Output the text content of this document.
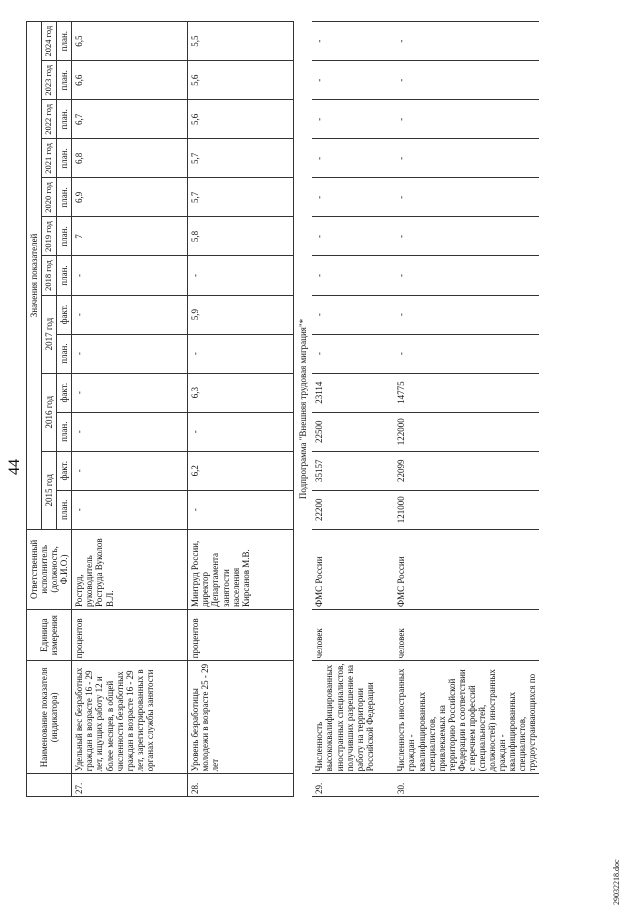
44
	Наименование показателя (индикатора)	Единица измерения	Ответственный исполнитель (должность, Ф.И.О.)	Значения показателей												
				2015 год		2016 год		2017 год		2018 год	2019 год	2020 год	2021 год	2022 год	2023 год	2024 год
				план.	факт.	план.	факт.	план.	факт.	план.	план.	план.	план.	план.	план.	план.
27.	Удельный вес безработных граждан в возрасте 16 - 29 лет, ищущих работу 12 и более месяцев, в общей численности безработных граждан в возрасте 16 - 29 лет, зарегистрированных в органах службы занятости	процентов	Роструд, руководитель Роструда Вуколов В.Л.	-	-	-	-	-	-	-	7	6,9	6,8	6,7	6,6	6,5
28.	Уровень безработицы молодежи в возрасте 25 - 29 лет	процентов	Минтруд России, директор Департамента занятости населения Кирсанов М.В.	-	6,2	-	6,3	-	5,9	-	5,8	5,7	5,7	5,6	5,6	5,5
Подпрограмма "Внешняя трудовая миграция"*																
29.	Численность высококвалифицированных иностранных специалистов, получивших разрешение на работу на территории Российской Федерации	человек	ФМС России	22200	35157	22500	23114	-	-	-	-	-	-	-	-	-
30.	Численность иностранных граждан - квалифицированных специалистов, привлекаемых на территорию Российской Федерации в соответствии с перечнем профессий (специальностей, должностей) иностранных граждан - квалифицированных специалистов, трудоустраивающихся по	человек	ФМС России	121000	22099	122000	14775	-	-	-	-	-	-	-	-	-
29032218.doc
